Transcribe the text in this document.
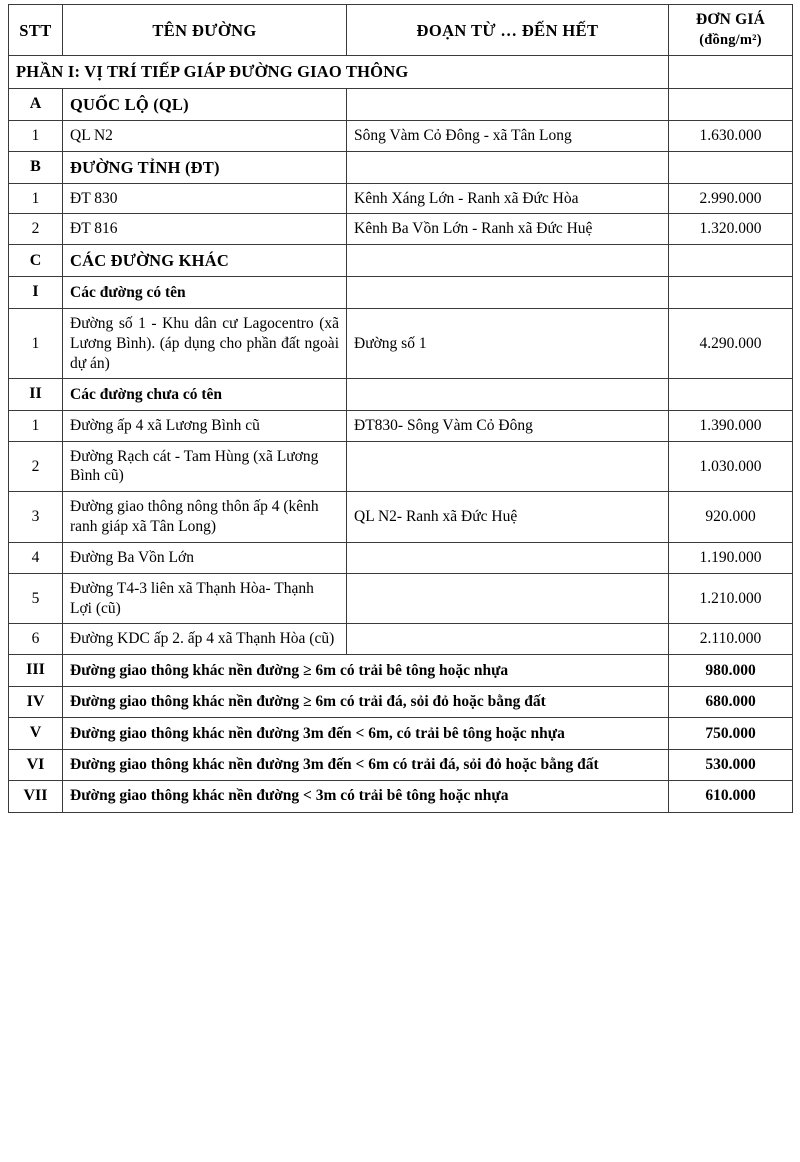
STT	TÊN ĐƯỜNG	ĐOẠN TỪ … ĐẾN HẾT	ĐƠN GIÁ
(đồng/m²)

PHẦN I: VỊ TRÍ TIẾP GIÁP ĐƯỜNG GIAO THÔNG			
A	QUỐC LỘ (QL)		
1	QL N2	Sông Vàm Cỏ Đông - xã Tân Long	1.630.000
B	ĐƯỜNG TỈNH (ĐT)		
1	ĐT 830	Kênh Xáng Lớn - Ranh xã Đức Hòa	2.990.000
2	ĐT 816	Kênh Ba Vồn Lớn - Ranh xã Đức Huệ	1.320.000
C	CÁC ĐƯỜNG KHÁC		
I	Các đường có tên		
1	Đường số 1 - Khu dân cư Lagocentro (xã Lương Bình). (áp dụng cho phần đất ngoài dự án)	Đường số 1	4.290.000
II	Các đường chưa có tên		
1	Đường ấp 4 xã Lương Bình cũ	ĐT830- Sông Vàm Cỏ Đông	1.390.000
2	Đường Rạch cát - Tam Hùng (xã Lương Bình cũ)		1.030.000
3	Đường giao thông nông thôn ấp 4 (kênh ranh giáp xã Tân Long)	QL N2- Ranh xã Đức Huệ	920.000
4	Đường Ba Vồn Lớn		1.190.000
5	Đường T4-3 liên xã Thạnh Hòa- Thạnh Lợi (cũ)		1.210.000
6	Đường KDC ấp 2. ấp 4 xã Thạnh Hòa (cũ)		2.110.000
III	Đường giao thông khác nền đường ≥ 6m có trải bê tông hoặc nhựa		980.000
IV	Đường giao thông khác nền đường ≥ 6m có trải đá, sỏi đỏ hoặc bằng đất		680.000
V	Đường giao thông khác nền đường 3m đến < 6m, có trải bê tông hoặc nhựa		750.000
VI	Đường giao thông khác nền đường 3m đến < 6m có trải đá, sỏi đỏ hoặc bằng đất		530.000
VII	Đường giao thông khác nền đường < 3m có trải bê tông hoặc nhựa		610.000
